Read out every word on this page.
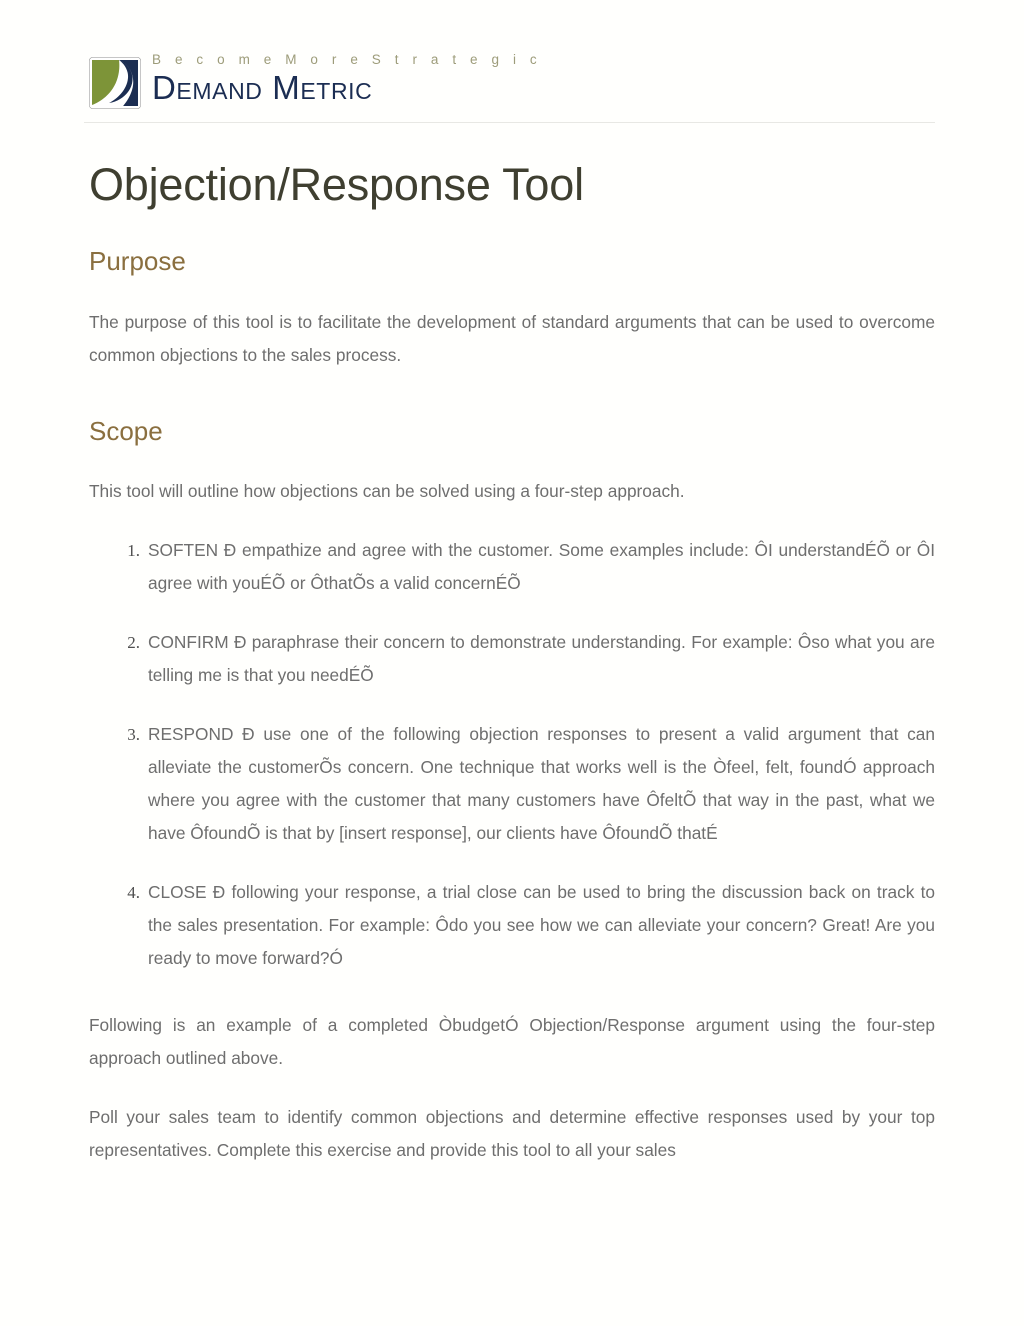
B e c o m e M o r e S t r a t e g i c
Demand Metric
Objection/Response Tool
Purpose

The purpose of this tool is to facilitate the development of standard arguments that can be used to overcome common objections to the sales process.

Scope

This tool will outline how objections can be solved using a four-step approach.

1. SOFTEN Ð empathize and agree with the customer. Some examples include: ÔI understandÉÕ or ÔI agree with youÉÕ or ÔthatÕs a valid concernÉÕ
2. CONFIRM Ð paraphrase their concern to demonstrate understanding. For example: Ôso what you are telling me is that you needÉÕ
3. RESPOND Ð use one of the following objection responses to present a valid argument that can alleviate the customerÕs concern. One technique that works well is the Òfeel, felt, foundÓ approach where you agree with the customer that many customers have ÔfeltÕ that way in the past, what we have ÔfoundÕ is that by [insert response], our clients have ÔfoundÕ thatÉ
4. CLOSE Ð following your response, a trial close can be used to bring the discussion back on track to the sales presentation. For example: Ôdo you see how we can alleviate your concern? Great! Are you ready to move forward?Ó

Following is an example of a completed ÒbudgetÓ Objection/Response argument using the four-step approach outlined above.

Poll your sales team to identify common objections and determine effective responses used by your top representatives. Complete this exercise and provide this tool to all your sales
